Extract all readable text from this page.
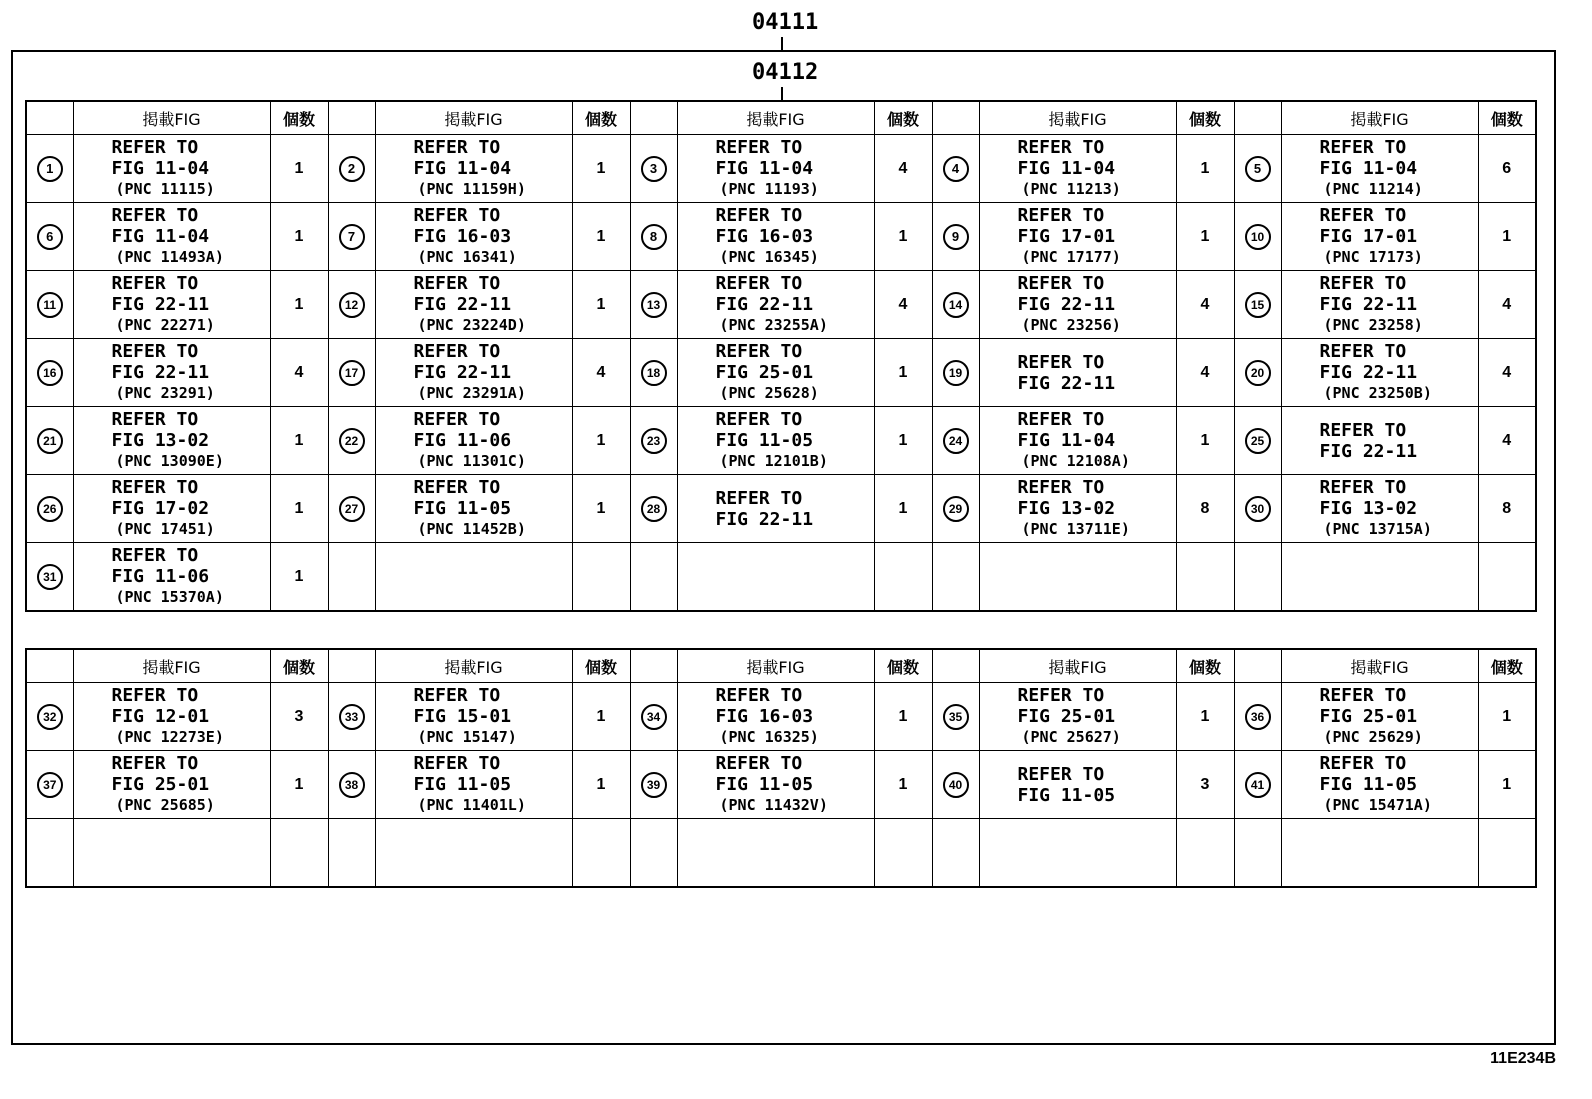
04111
04112
	掲載FIG	個数		掲載FIG	個数		掲載FIG	個数		掲載FIG	個数		掲載FIG	個数
1	REFER TO
FIG 11-04
(PNC 11115)	1	2	REFER TO
FIG 11-04
(PNC 11159H)	1	3	REFER TO
FIG 11-04
(PNC 11193)	4	4	REFER TO
FIG 11-04
(PNC 11213)	1	5	REFER TO
FIG 11-04
(PNC 11214)	6
6	REFER TO
FIG 11-04
(PNC 11493A)	1	7	REFER TO
FIG 16-03
(PNC 16341)	1	8	REFER TO
FIG 16-03
(PNC 16345)	1	9	REFER TO
FIG 17-01
(PNC 17177)	1	10	REFER TO
FIG 17-01
(PNC 17173)	1
11	REFER TO
FIG 22-11
(PNC 22271)	1	12	REFER TO
FIG 22-11
(PNC 23224D)	1	13	REFER TO
FIG 22-11
(PNC 23255A)	4	14	REFER TO
FIG 22-11
(PNC 23256)	4	15	REFER TO
FIG 22-11
(PNC 23258)	4
16	REFER TO
FIG 22-11
(PNC 23291)	4	17	REFER TO
FIG 22-11
(PNC 23291A)	4	18	REFER TO
FIG 25-01
(PNC 25628)	1	19	REFER TO
FIG 22-11	4	20	REFER TO
FIG 22-11
(PNC 23250B)	4
21	REFER TO
FIG 13-02
(PNC 13090E)	1	22	REFER TO
FIG 11-06
(PNC 11301C)	1	23	REFER TO
FIG 11-05
(PNC 12101B)	1	24	REFER TO
FIG 11-04
(PNC 12108A)	1	25	REFER TO
FIG 22-11	4
26	REFER TO
FIG 17-02
(PNC 17451)	1	27	REFER TO
FIG 11-05
(PNC 11452B)	1	28	REFER TO
FIG 22-11	1	29	REFER TO
FIG 13-02
(PNC 13711E)	8	30	REFER TO
FIG 13-02
(PNC 13715A)	8
31	REFER TO
FIG 11-06
(PNC 15370A)	1												
	掲載FIG	個数		掲載FIG	個数		掲載FIG	個数		掲載FIG	個数		掲載FIG	個数
32	REFER TO
FIG 12-01
(PNC 12273E)	3	33	REFER TO
FIG 15-01
(PNC 15147)	1	34	REFER TO
FIG 16-03
(PNC 16325)	1	35	REFER TO
FIG 25-01
(PNC 25627)	1	36	REFER TO
FIG 25-01
(PNC 25629)	1
37	REFER TO
FIG 25-01
(PNC 25685)	1	38	REFER TO
FIG 11-05
(PNC 11401L)	1	39	REFER TO
FIG 11-05
(PNC 11432V)	1	40	REFER TO
FIG 11-05	3	41	REFER TO
FIG 11-05
(PNC 15471A)	1

11E234B
